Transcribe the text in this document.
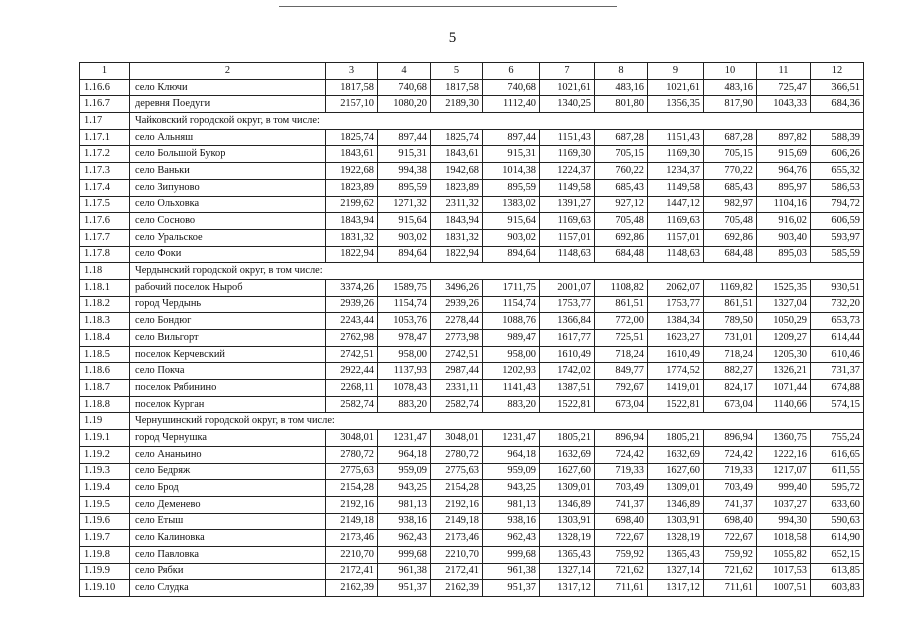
5
1	2	3	4	5	6	7	8	9	10	11	12
1.16.6	село Ключи	1817,58	740,68	1817,58	740,68	1021,61	483,16	1021,61	483,16	725,47	366,51
1.16.7	деревня Поедуги	2157,10	1080,20	2189,30	1112,40	1340,25	801,80	1356,35	817,90	1043,33	684,36
1.17	Чайковский городской округ, в том числе:										
1.17.1	село Альняш	1825,74	897,44	1825,74	897,44	1151,43	687,28	1151,43	687,28	897,82	588,39
1.17.2	село Большой Букор	1843,61	915,31	1843,61	915,31	1169,30	705,15	1169,30	705,15	915,69	606,26
1.17.3	село Ваньки	1922,68	994,38	1942,68	1014,38	1224,37	760,22	1234,37	770,22	964,76	655,32
1.17.4	село Зипуново	1823,89	895,59	1823,89	895,59	1149,58	685,43	1149,58	685,43	895,97	586,53
1.17.5	село Ольховка	2199,62	1271,32	2311,32	1383,02	1391,27	927,12	1447,12	982,97	1104,16	794,72
1.17.6	село Сосново	1843,94	915,64	1843,94	915,64	1169,63	705,48	1169,63	705,48	916,02	606,59
1.17.7	село Уральское	1831,32	903,02	1831,32	903,02	1157,01	692,86	1157,01	692,86	903,40	593,97
1.17.8	село Фоки	1822,94	894,64	1822,94	894,64	1148,63	684,48	1148,63	684,48	895,03	585,59
1.18	Чердынский городской округ, в том числе:										
1.18.1	рабочий поселок Ныроб	3374,26	1589,75	3496,26	1711,75	2001,07	1108,82	2062,07	1169,82	1525,35	930,51
1.18.2	город Чердынь	2939,26	1154,74	2939,26	1154,74	1753,77	861,51	1753,77	861,51	1327,04	732,20
1.18.3	село Бондюг	2243,44	1053,76	2278,44	1088,76	1366,84	772,00	1384,34	789,50	1050,29	653,73
1.18.4	село Вильгорт	2762,98	978,47	2773,98	989,47	1617,77	725,51	1623,27	731,01	1209,27	614,44
1.18.5	поселок Керчевский	2742,51	958,00	2742,51	958,00	1610,49	718,24	1610,49	718,24	1205,30	610,46
1.18.6	село Покча	2922,44	1137,93	2987,44	1202,93	1742,02	849,77	1774,52	882,27	1326,21	731,37
1.18.7	поселок Рябинино	2268,11	1078,43	2331,11	1141,43	1387,51	792,67	1419,01	824,17	1071,44	674,88
1.18.8	поселок Курган	2582,74	883,20	2582,74	883,20	1522,81	673,04	1522,81	673,04	1140,66	574,15
1.19	Чернушинский городской округ, в том числе:										
1.19.1	город Чернушка	3048,01	1231,47	3048,01	1231,47	1805,21	896,94	1805,21	896,94	1360,75	755,24
1.19.2	село Ананьино	2780,72	964,18	2780,72	964,18	1632,69	724,42	1632,69	724,42	1222,16	616,65
1.19.3	село Бедряж	2775,63	959,09	2775,63	959,09	1627,60	719,33	1627,60	719,33	1217,07	611,55
1.19.4	село Брод	2154,28	943,25	2154,28	943,25	1309,01	703,49	1309,01	703,49	999,40	595,72
1.19.5	село Деменево	2192,16	981,13	2192,16	981,13	1346,89	741,37	1346,89	741,37	1037,27	633,60
1.19.6	село Етыш	2149,18	938,16	2149,18	938,16	1303,91	698,40	1303,91	698,40	994,30	590,63
1.19.7	село Калиновка	2173,46	962,43	2173,46	962,43	1328,19	722,67	1328,19	722,67	1018,58	614,90
1.19.8	село Павловка	2210,70	999,68	2210,70	999,68	1365,43	759,92	1365,43	759,92	1055,82	652,15
1.19.9	село Рябки	2172,41	961,38	2172,41	961,38	1327,14	721,62	1327,14	721,62	1017,53	613,85
1.19.10	село Слудка	2162,39	951,37	2162,39	951,37	1317,12	711,61	1317,12	711,61	1007,51	603,83
